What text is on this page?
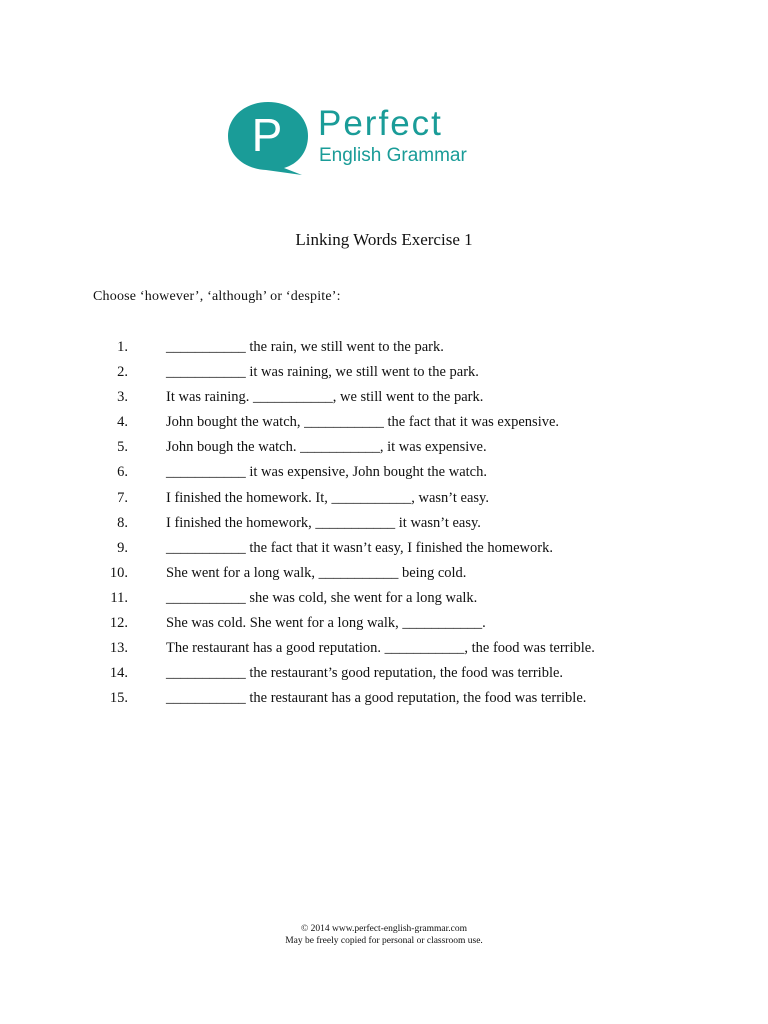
P Perfect
English Grammar
Linking Words Exercise 1
Choose ‘however’, ‘although’ or ‘despite’:
1.	___________ the rain, we still went to the park.
2.	___________ it was raining, we still went to the park.
3.	It was raining. ___________, we still went to the park.
4.	John bought the watch, ___________ the fact that it was expensive.
5.	John bough the watch. ___________, it was expensive.
6.	___________ it was expensive, John bought the watch.
7.	I finished the homework. It, ___________, wasn’t easy.
8.	I finished the homework, ___________ it wasn’t easy.
9.	___________ the fact that it wasn’t easy, I finished the homework.
10.	She went for a long walk, ___________ being cold.
11.	___________ she was cold, she went for a long walk.
12.	She was cold. She went for a long walk, ___________.
13.	The restaurant has a good reputation. ___________, the food was terrible.
14.	___________ the restaurant’s good reputation, the food was terrible.
15.	___________ the restaurant has a good reputation, the food was terrible.
© 2014 www.perfect-english-grammar.com
May be freely copied for personal or classroom use.
